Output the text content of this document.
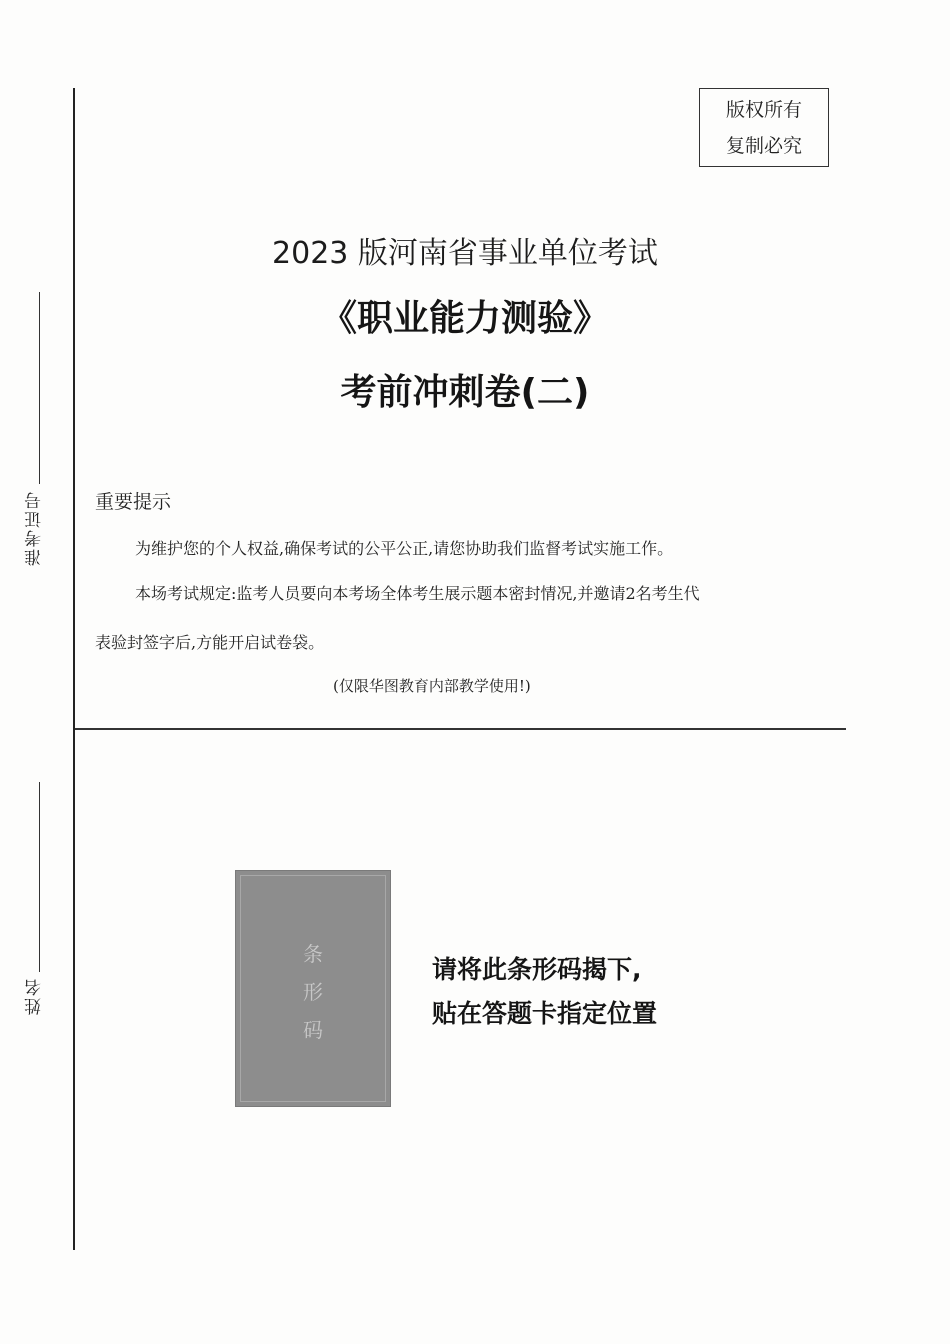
准考证号
姓名
版权所有
复制必究
2023 版河南省事业单位考试
《职业能力测验》
考前冲刺卷(二)
重要提示
为维护您的个人权益,确保考试的公平公正,请您协助我们监督考试实施工作。
本场考试规定:监考人员要向本考场全体考生展示题本密封情况,并邀请2名考生代
表验封签字后,方能开启试卷袋。
(仅限华图教育内部教学使用!)
条
形
码
请将此条形码揭下,
贴在答题卡指定位置
